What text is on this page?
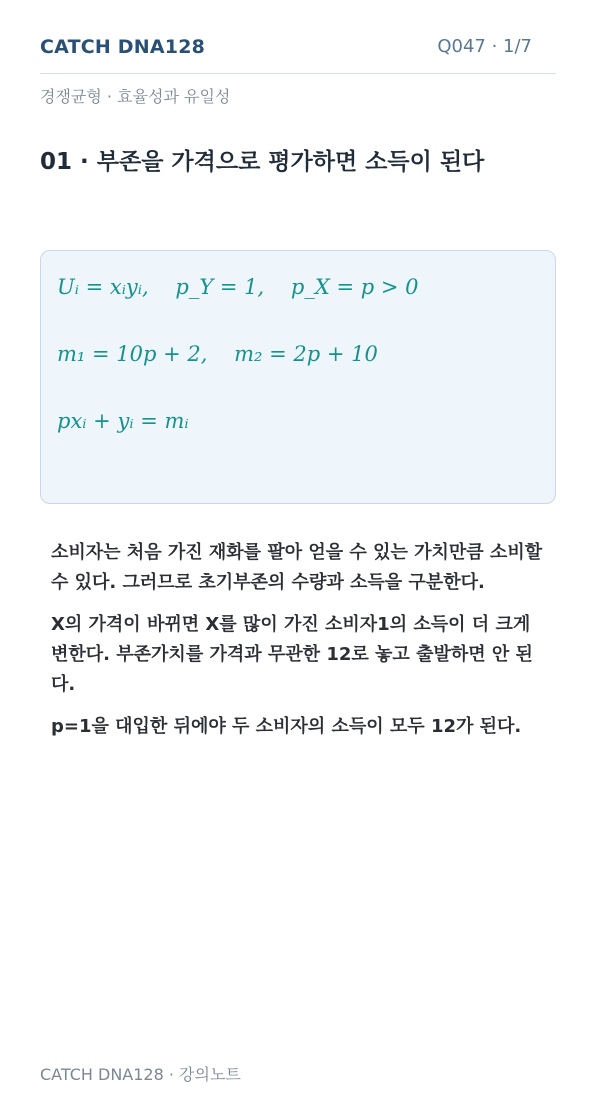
CATCH DNA128	Q047 · 1/7
경쟁균형 · 효율성과 유일성
01 · 부존을 가격으로 평가하면 소득이 된다
Uᵢ = xᵢyᵢ,    p_Y = 1,    p_X = p > 0
m₁ = 10p + 2,    m₂ = 2p + 10
pxᵢ + yᵢ = mᵢ
소비자는 처음 가진 재화를 팔아 얻을 수 있는 가치만큼 소비할 수 있다. 그러므로 초기부존의 수량과 소득을 구분한다.
X의 가격이 바뀌면 X를 많이 가진 소비자1의 소득이 더 크게 변한다. 부존가치를 가격과 무관한 12로 놓고 출발하면 안 된다.
p=1을 대입한 뒤에야 두 소비자의 소득이 모두 12가 된다.
CATCH DNA128 · 강의노트
